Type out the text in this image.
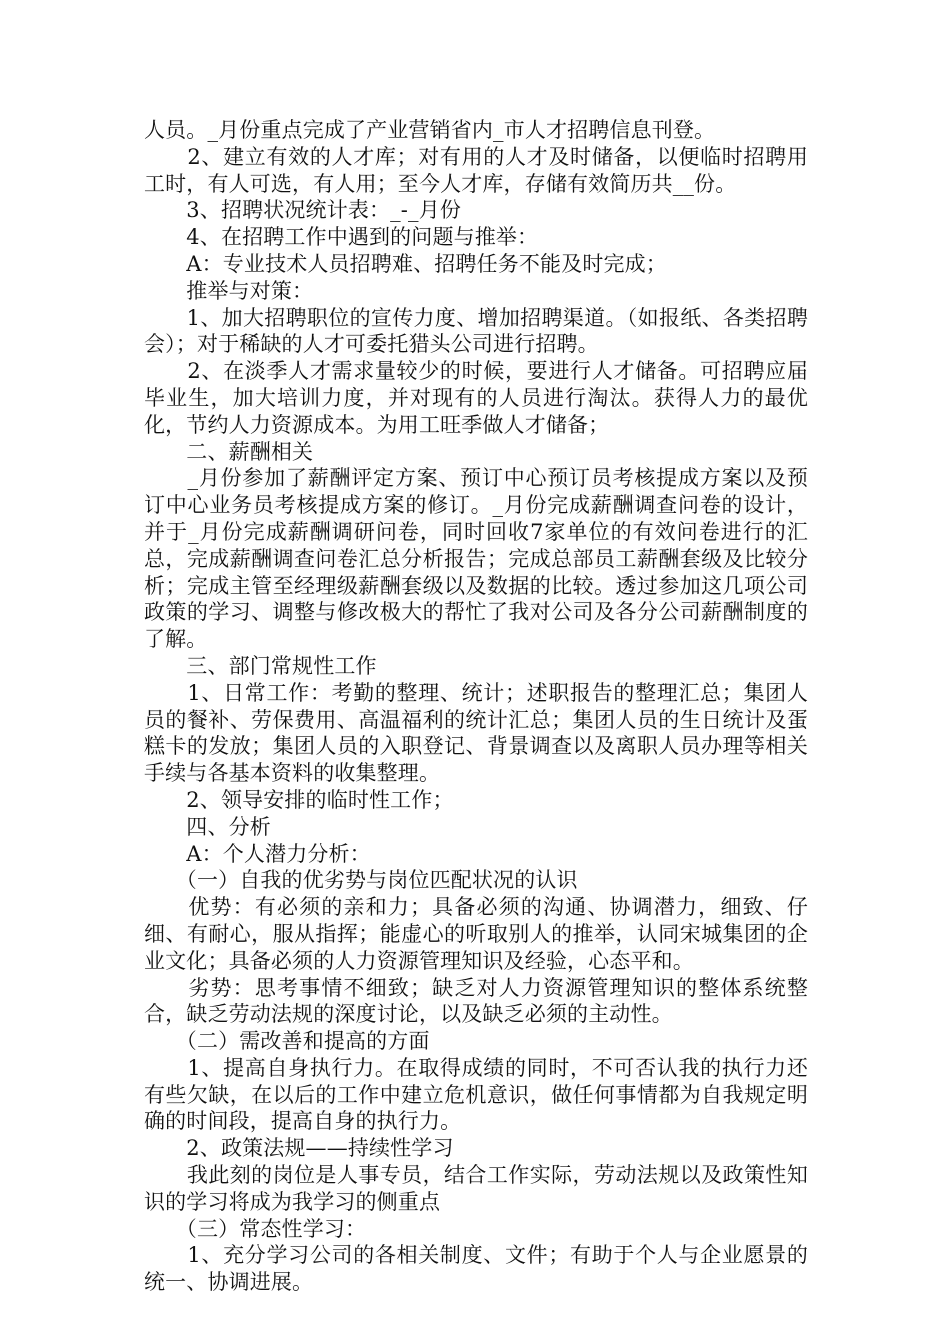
人员。_月份重点完成了产业营销省内_市人才招聘信息刊登。

　　2、建立有效的人才库；对有用的人才及时储备，以便临时招聘用工时，有人可选，有人用；至今人才库，存储有效简历共__份。

　　3、招聘状况统计表：_-_月份

　　4、在招聘工作中遇到的问题与推举：

　　A：专业技术人员招聘难、招聘任务不能及时完成；

　　推举与对策：

　　1、加大招聘职位的宣传力度、增加招聘渠道。（如报纸、各类招聘会）；对于稀缺的人才可委托猎头公司进行招聘。

　　2、在淡季人才需求量较少的时候，要进行人才储备。可招聘应届毕业生，加大培训力度，并对现有的人员进行淘汰。获得人力的最优化，节约人力资源成本。为用工旺季做人才储备；

　　二、薪酬相关

　　_月份参加了薪酬评定方案、预订中心预订员考核提成方案以及预订中心业务员考核提成方案的修订。_月份完成薪酬调查问卷的设计，并于_月份完成薪酬调研问卷，同时回收7家单位的有效问卷进行的汇总，完成薪酬调查问卷汇总分析报告；完成总部员工薪酬套级及比较分析；完成主管至经理级薪酬套级以及数据的比较。透过参加这几项公司政策的学习、调整与修改极大的帮忙了我对公司及各分公司薪酬制度的了解。

　　三、部门常规性工作

　　1、日常工作：考勤的整理、统计；述职报告的整理汇总；集团人员的餐补、劳保费用、高温福利的统计汇总；集团人员的生日统计及蛋糕卡的发放；集团人员的入职登记、背景调查以及离职人员办理等相关手续与各基本资料的收集整理。

　　2、领导安排的临时性工作；

　　四、分析

　　A：个人潜力分析：

　　（一）自我的优劣势与岗位匹配状况的认识

　　优势：有必须的亲和力；具备必须的沟通、协调潜力，细致、仔细、有耐心，服从指挥；能虚心的听取别人的推举，认同宋城集团的企业文化；具备必须的人力资源管理知识及经验，心态平和。

　　劣势：思考事情不细致；缺乏对人力资源管理知识的整体系统整合，缺乏劳动法规的深度讨论，以及缺乏必须的主动性。

　　（二）需改善和提高的方面

　　1、提高自身执行力。在取得成绩的同时，不可否认我的执行力还有些欠缺，在以后的工作中建立危机意识，做任何事情都为自我规定明确的时间段，提高自身的执行力。

　　2、政策法规——持续性学习

　　我此刻的岗位是人事专员，结合工作实际，劳动法规以及政策性知识的学习将成为我学习的侧重点

　　（三）常态性学习：

　　1、充分学习公司的各相关制度、文件；有助于个人与企业愿景的统一、协调进展。
